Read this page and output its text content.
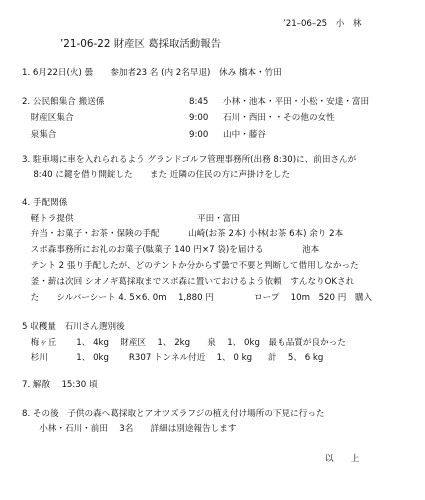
’21–06–25　小　林
’21-06-22 財産区 葛採取活動報告
1. 6月22日(火) 曇　　参加者23 名 (内 2名早退)　休み 橋本・竹田
2. 公民館集合 搬送係	8:45 小林・池本・平田・小松・安達・富田
　財産区集合	9:00 石川・西田・・その他の女性
　泉集合	9:00 山中・藤谷
3. 駐車場に車を入れられるよう グランドゴルフ管理事務所(出務 8:30)に、前田さんが
　 8:40 に鍵を借り開錠した　　また 近隣の住民の方に声掛けをした
4. 手配関係
　軽トラ提供	平田・富田
　弁当・お菓子・お茶・保険の手配	山崎(お茶 2本) 小林(お茶 6本) 余り 2本
　スポ森事務所にお礼のお菓子(駄菓子 140 円×7 袋)を届ける	池本
　テント 2 張り手配したが、どのテントか分からず曇で不要と判断して借用しなかった
　釜・薪は次回 シオノギ葛採取までスポ森に置いておけるよう依頼　すんなりOKされ
　た　　シルバーシート 4. 5×6. 0m　 1,880 円	ロープ　 10m　520 円　購入
5 収穫量　石川さん選別後
　梅ヶ丘　　 1、 4kg　 財産区　 1、 2kg　　泉　 1、 0kg　最も品質が良かった
　杉川　　　 1、 0kg　　 R307 トンネル付近　 1、 0 kg 計　 5、 6 kg
7. 解散　 15:30 頃
8. その後　子供の森へ葛採取とアオツズラフジの植え付け場所の下見に行った
　　小林・石川・前田　 3名　　詳細は別途報告します
以　　上
